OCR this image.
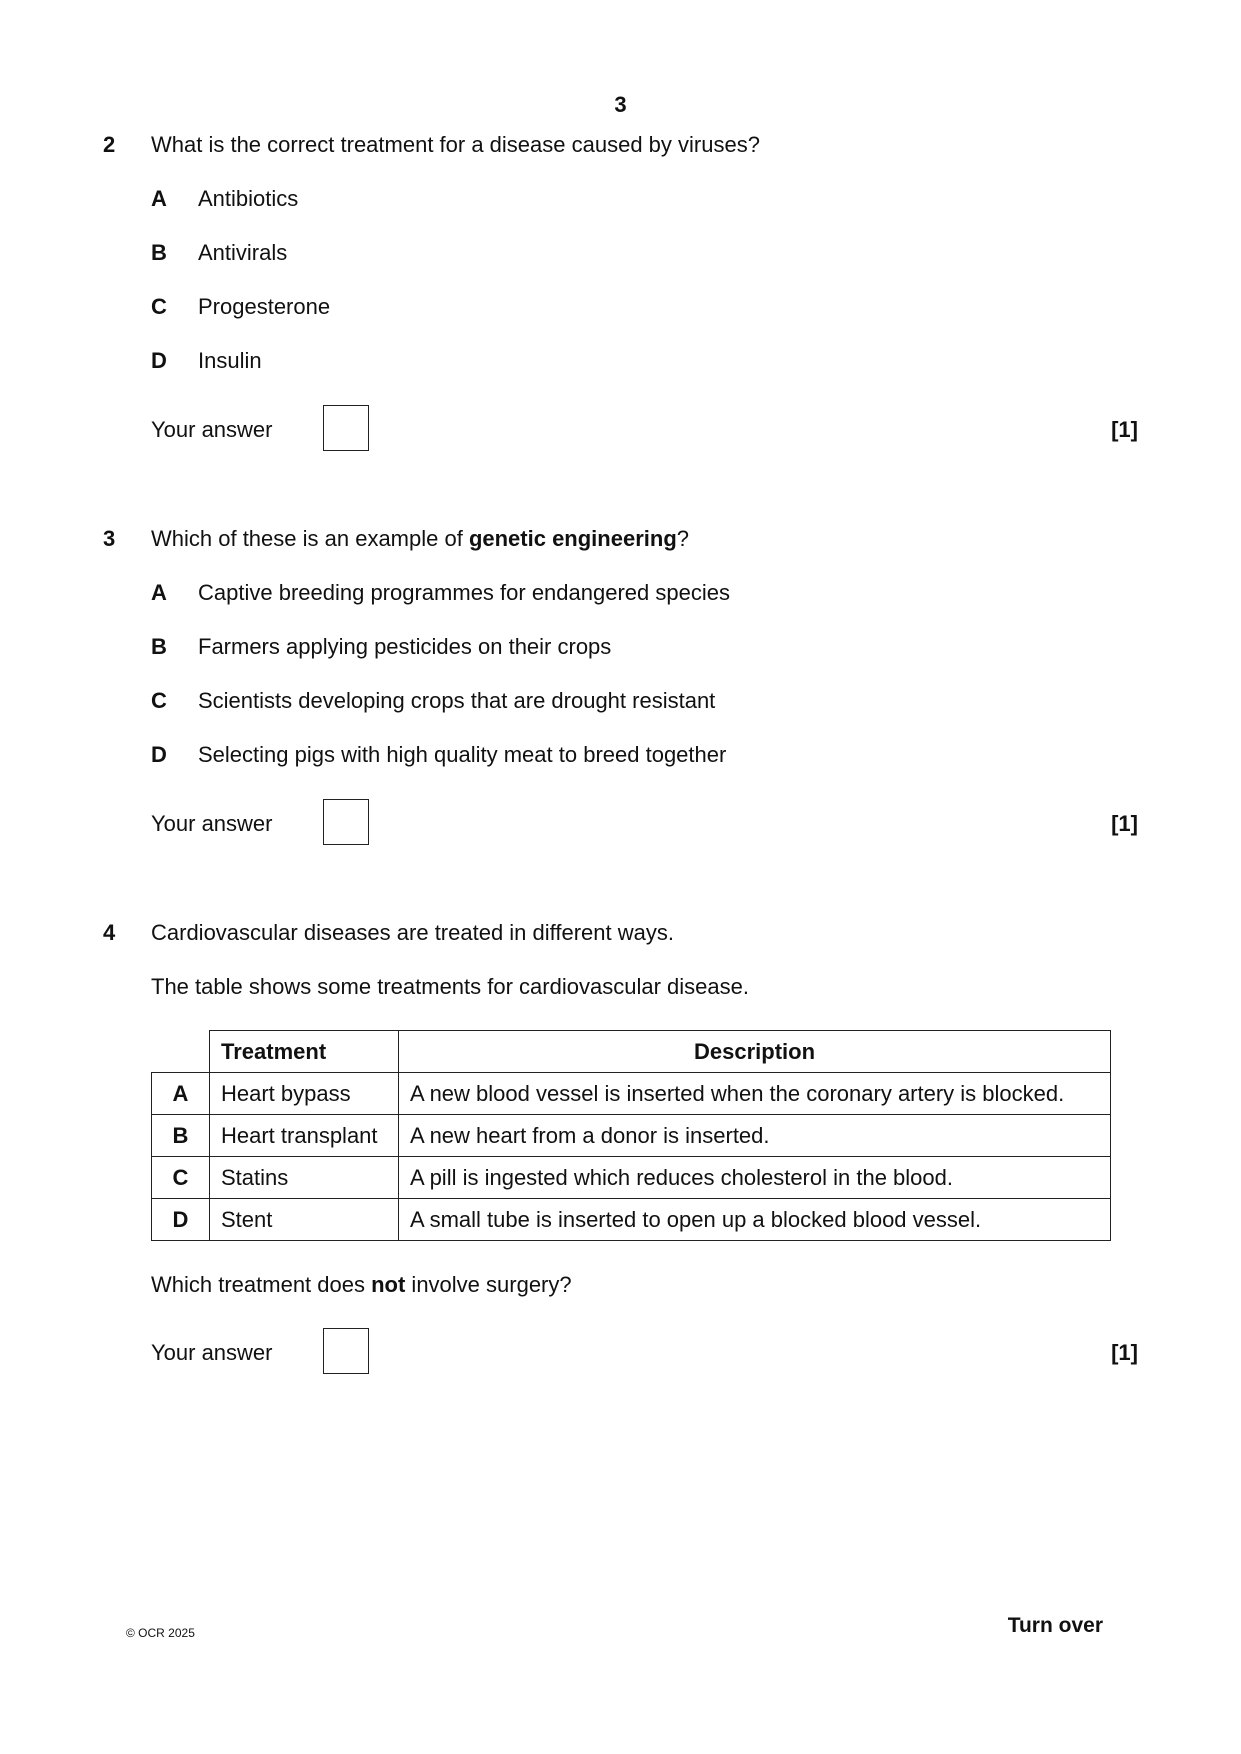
3
2 What is the correct treatment for a disease caused by viruses?
A Antibiotics
B Antivirals
C Progesterone
D Insulin
Your answer	[1]
3 Which of these is an example of genetic engineering?
A Captive breeding programmes for endangered species
B Farmers applying pesticides on their crops
C Scientists developing crops that are drought resistant
D Selecting pigs with high quality meat to breed together
Your answer	[1]
4 Cardiovascular diseases are treated in different ways.
The table shows some treatments for cardiovascular disease.
	Treatment	Description
A	Heart bypass	A new blood vessel is inserted when the coronary artery is blocked.
B	Heart transplant	A new heart from a donor is inserted.
C	Statins	A pill is ingested which reduces cholesterol in the blood.
D	Stent	A small tube is inserted to open up a blocked blood vessel.
Which treatment does not involve surgery?
Your answer	[1]
© OCR 2025	Turn over
